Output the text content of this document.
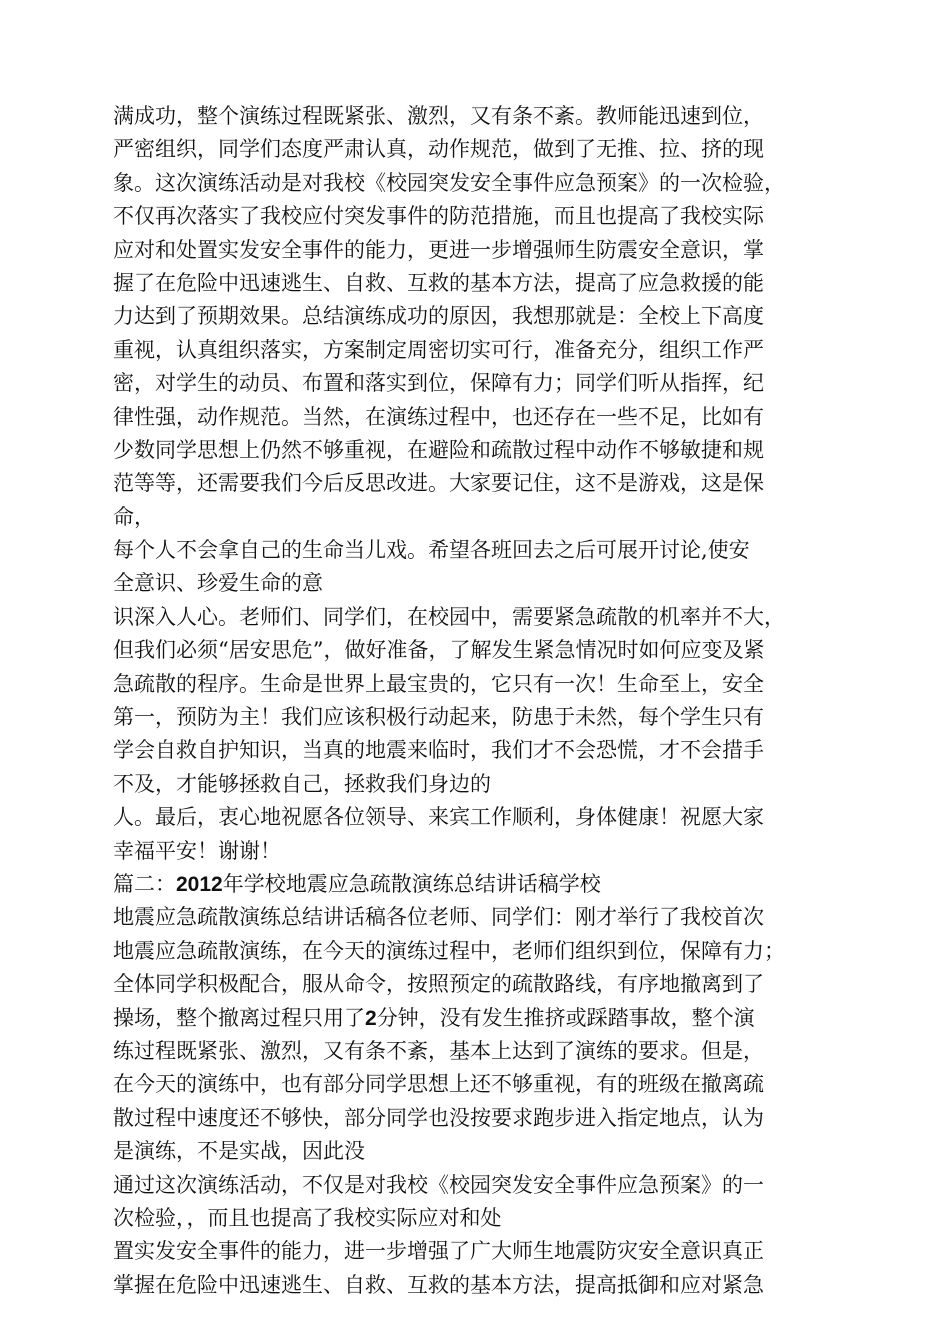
满成功，整个演练过程既紧张、激烈，又有条不紊。教师能迅速到位，
严密组织，同学们态度严肃认真，动作规范，做到了无推、拉、挤的现
象。这次演练活动是对我校《校园突发安全事件应急预案》的一次检验，
不仅再次落实了我校应付突发事件的防范措施，而且也提高了我校实际
应对和处置实发安全事件的能力，更进一步增强师生防震安全意识，掌
握了在危险中迅速逃生、自救、互救的基本方法，提高了应急救援的能
力达到了预期效果。总结演练成功的原因，我想那就是：全校上下高度
重视，认真组织落实，方案制定周密切实可行，准备充分，组织工作严
密，对学生的动员、布置和落实到位，保障有力；同学们听从指挥，纪
律性强，动作规范。当然，在演练过程中，也还存在一些不足，比如有
少数同学思想上仍然不够重视，在避险和疏散过程中动作不够敏捷和规
范等等，还需要我们今后反思改进。大家要记住，这不是游戏，这是保
命，
每个人不会拿自己的生命当儿戏。希望各班回去之后可展开讨论,使安
全意识、珍爱生命的意
识深入人心。老师们、同学们，在校园中，需要紧急疏散的机率并不大，
但我们必须“居安思危”，做好准备，了解发生紧急情况时如何应变及紧
急疏散的程序。生命是世界上最宝贵的，它只有一次！生命至上，安全
第一，预防为主！我们应该积极行动起来，防患于未然，每个学生只有
学会自救自护知识，当真的地震来临时，我们才不会恐慌，才不会措手
不及，才能够拯救自己，拯救我们身边的
人。最后，衷心地祝愿各位领导、来宾工作顺利，身体健康！祝愿大家
幸福平安！谢谢！
篇二：2012年学校地震应急疏散演练总结讲话稿学校
地震应急疏散演练总结讲话稿各位老师、同学们：刚才举行了我校首次
地震应急疏散演练，在今天的演练过程中，老师们组织到位，保障有力；
全体同学积极配合，服从命令，按照预定的疏散路线，有序地撤离到了
操场，整个撤离过程只用了2分钟，没有发生推挤或踩踏事故，整个演
练过程既紧张、激烈，又有条不紊，基本上达到了演练的要求。但是，
在今天的演练中，也有部分同学思想上还不够重视，有的班级在撤离疏
散过程中速度还不够快，部分同学也没按要求跑步进入指定地点，认为
是演练，不是实战，因此没
通过这次演练活动，不仅是对我校《校园突发安全事件应急预案》的一
次检验，，而且也提高了我校实际应对和处
置实发安全事件的能力，进一步增强了广大师生地震防灾安全意识真正
掌握在危险中迅速逃生、自救、互救的基本方法，提高抵御和应对紧急
